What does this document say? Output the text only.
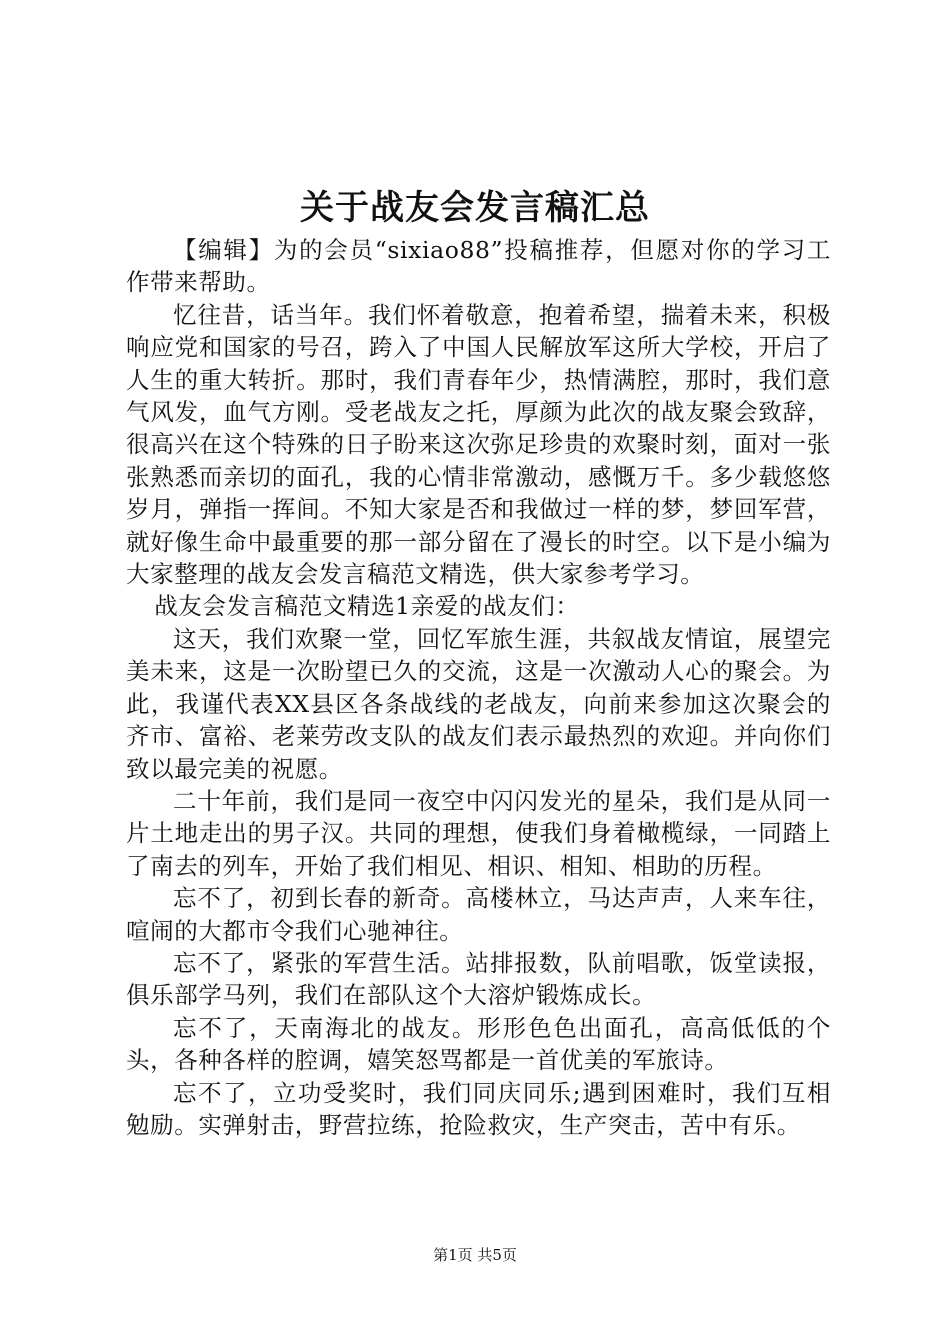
关于战友会发言稿汇总

【编辑】为的会员“sixiao88”投稿推荐，但愿对你的学习工作带来帮助。

忆往昔，话当年。我们怀着敬意，抱着希望，揣着未来，积极响应党和国家的号召，跨入了中国人民解放军这所大学校，开启了人生的重大转折。那时，我们青春年少，热情满腔，那时，我们意气风发，血气方刚。受老战友之托，厚颜为此次的战友聚会致辞，很高兴在这个特殊的日子盼来这次弥足珍贵的欢聚时刻，面对一张张熟悉而亲切的面孔，我的心情非常激动，感慨万千。多少载悠悠岁月，弹指一挥间。不知大家是否和我做过一样的梦，梦回军营，就好像生命中最重要的那一部分留在了漫长的时空。以下是小编为大家整理的战友会发言稿范文精选，供大家参考学习。

战友会发言稿范文精选1亲爱的战友们：

这天，我们欢聚一堂，回忆军旅生涯，共叙战友情谊，展望完美未来，这是一次盼望已久的交流，这是一次激动人心的聚会。为此，我谨代表XX县区各条战线的老战友，向前来参加这次聚会的齐市、富裕、老莱劳改支队的战友们表示最热烈的欢迎。并向你们致以最完美的祝愿。

二十年前，我们是同一夜空中闪闪发光的星朵，我们是从同一片土地走出的男子汉。共同的理想，使我们身着橄榄绿，一同踏上了南去的列车，开始了我们相见、相识、相知、相助的历程。

忘不了，初到长春的新奇。高楼林立，马达声声，人来车往，喧闹的大都市令我们心驰神往。

忘不了，紧张的军营生活。站排报数，队前唱歌，饭堂读报，俱乐部学马列，我们在部队这个大溶炉锻炼成长。

忘不了，天南海北的战友。形形色色出面孔，高高低低的个头，各种各样的腔调，嬉笑怒骂都是一首优美的军旅诗。

忘不了，立功受奖时，我们同庆同乐;遇到困难时，我们互相勉励。实弹射击，野营拉练，抢险救灾，生产突击，苦中有乐。

第1页 共5页
